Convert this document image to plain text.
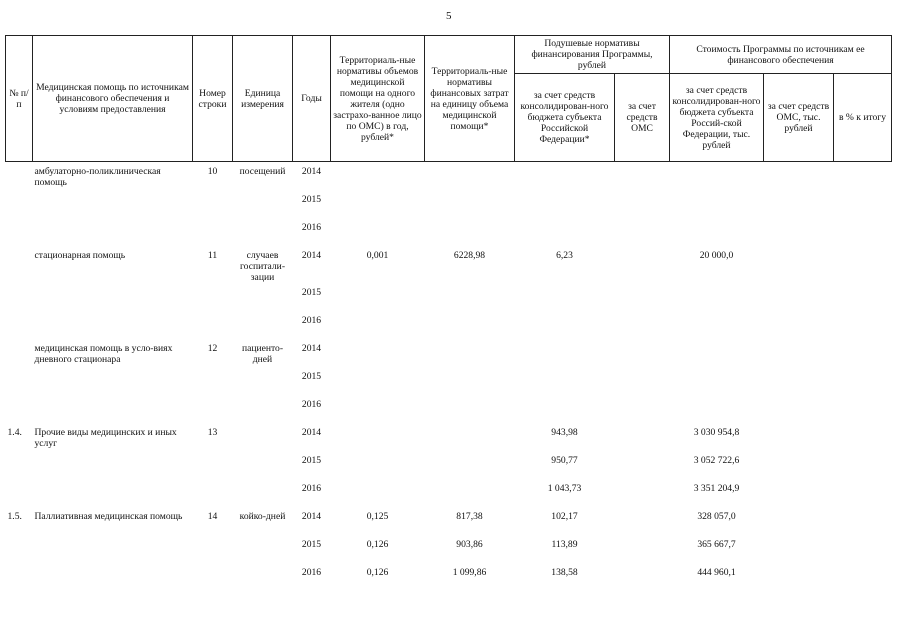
5
№ п/п	Медицинская помощь по источникам финансового обеспечения и условиям предоставления	Номер строки	Единица измерения	Годы	Территориаль-ные нормативы объемов медицинской помощи на одного жителя (одно застрахо-ванное лицо по ОМС) в год, рублей*	Территориаль-ные нормативы финансовых затрат на единицу объема медицинской помощи*	Подушевые нормативы финансирования Программы, рублей		Стоимость Программы по источникам ее финансового обеспечения		
							за счет средств консолидирован-ного бюджета субъекта Российской Федерации*	за счет средств ОМС	за счет средств консолидирован-ного бюджета субъекта Россий-ской Федерации, тыс. рублей	за счет средств ОМС, тыс. рублей	в % к итогу
	амбулаторно-поликлиническая помощь	10	посещений	2014							
				2015							
				2016							
	стационарная помощь	11	случаев госпитали-зации	2014	0,001	6228,98	6,23		20 000,0		
				2015							
				2016							
	медицинская помощь в усло-виях дневного стационара	12	пациенто-дней	2014							
				2015							
				2016							
1.4.	Прочие виды медицинских и иных услуг	13		2014			943,98		3 030 954,8		
				2015			950,77		3 052 722,6		
				2016			1 043,73		3 351 204,9		
1.5.	Паллиативная медицинская помощь	14	койко-дней	2014	0,125	817,38	102,17		328 057,0		
				2015	0,126	903,86	113,89		365 667,7		
				2016	0,126	1 099,86	138,58		444 960,1		
